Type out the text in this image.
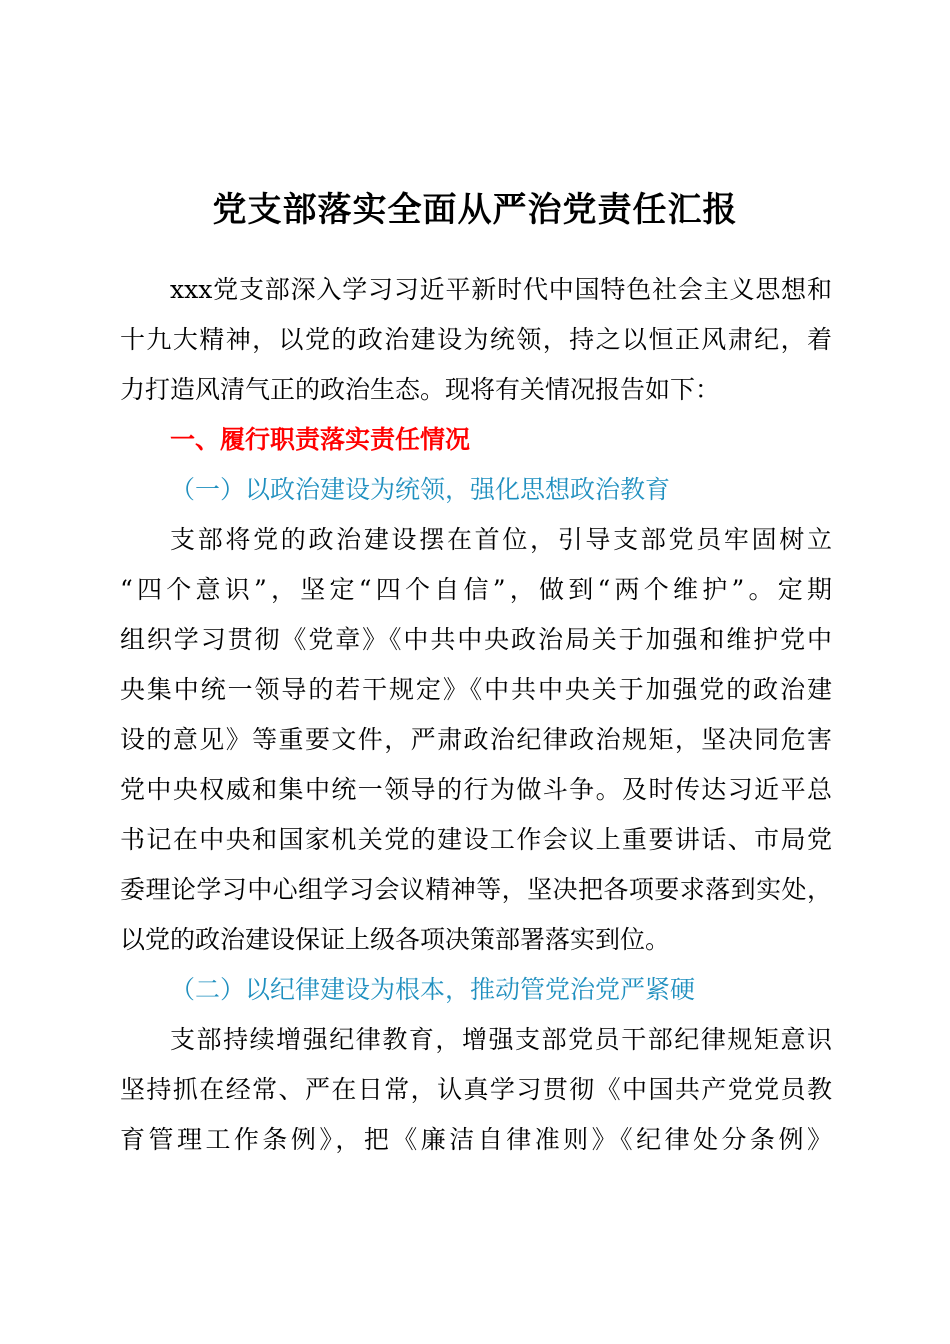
党支部落实全面从严治党责任汇报
xxx党支部深入学习习近平新时代中国特色社会主义思想和
十九大精神，以党的政治建设为统领，持之以恒正风肃纪，着
力打造风清气正的政治生态。现将有关情况报告如下：
一、履行职责落实责任情况
（一）以政治建设为统领，强化思想政治教育
支部将党的政治建设摆在首位，引导支部党员牢固树立
“四个意识”，坚定“四个自信”，做到“两个维护”。定期
组织学习贯彻《党章》《中共中央政治局关于加强和维护党中
央集中统一领导的若干规定》《中共中央关于加强党的政治建
设的意见》等重要文件，严肃政治纪律政治规矩，坚决同危害
党中央权威和集中统一领导的行为做斗争。及时传达习近平总
书记在中央和国家机关党的建设工作会议上重要讲话、市局党
委理论学习中心组学习会议精神等，坚决把各项要求落到实处，
以党的政治建设保证上级各项决策部署落实到位。
（二）以纪律建设为根本，推动管党治党严紧硬
支部持续增强纪律教育，增强支部党员干部纪律规矩意识
坚持抓在经常、严在日常，认真学习贯彻《中国共产党党员教
育管理工作条例》，把《廉洁自律准则》《纪律处分条例》
